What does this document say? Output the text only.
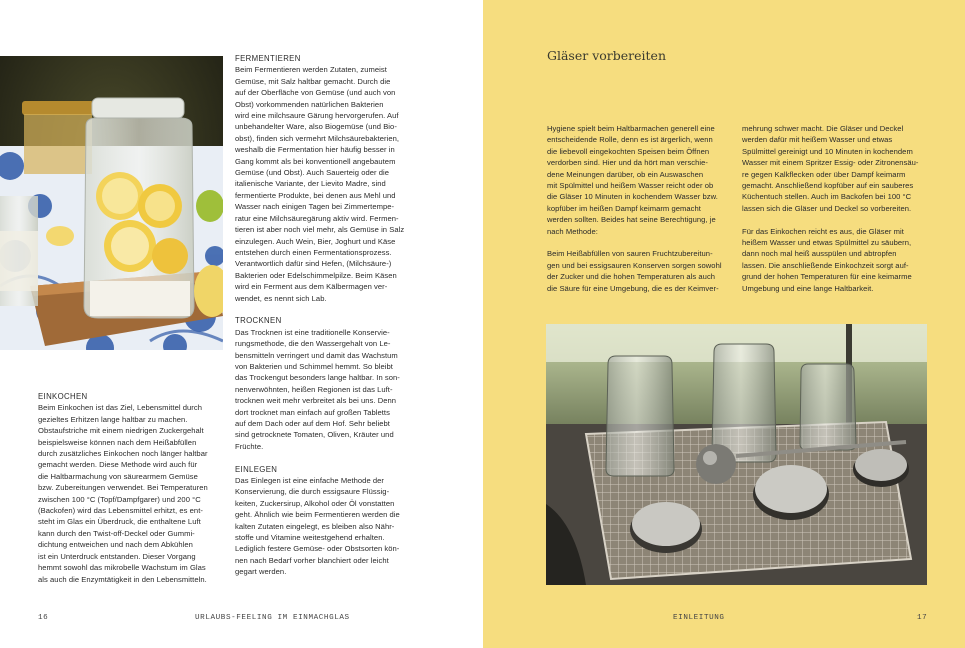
FERMENTIEREN

Beim Fermentieren werden Zutaten, zumeist
Gemüse, mit Salz haltbar gemacht. Durch die
auf der Oberfläche von Gemüse (und auch von
Obst) vorkommenden natürlichen Bakterien
wird eine milchsaure Gärung hervorgerufen. Auf
unbehandelter Ware, also Biogemüse (und Bio-
obst), finden sich vermehrt Milchsäurebakterien,
weshalb die Fermentation hier häufig besser in
Gang kommt als bei konventionell angebautem
Gemüse (und Obst). Auch Sauerteig oder die
italienische Variante, der Lievito Madre, sind
fermentierte Produkte, bei denen aus Mehl und
Wasser nach einigen Tagen bei Zimmertempe-
ratur eine Milchsäuregärung aktiv wird. Fermen-
tieren ist aber noch viel mehr, als Gemüse in Salz
einzulegen. Auch Wein, Bier, Joghurt und Käse
entstehen durch einen Fermentationsprozess.
Verantwortlich dafür sind Hefen, (Milchsäure-)
Bakterien oder Edelschimmelpilze. Beim Käsen
wird ein Ferment aus dem Kälbermagen ver-
wendet, es nennt sich Lab.

TROCKNEN

Das Trocknen ist eine traditionelle Konservie-
rungsmethode, die den Wassergehalt von Le-
bensmitteln verringert und damit das Wachstum
von Bakterien und Schimmel hemmt. So bleibt
das Trockengut besonders lange haltbar. In son-
nenverwöhnten, heißen Regionen ist das Luft-
trocknen weit mehr verbreitet als bei uns. Denn
dort trocknet man einfach auf großen Tabletts
auf dem Dach oder auf dem Hof. Sehr beliebt
sind getrocknete Tomaten, Oliven, Kräuter und
Früchte.

EINLEGEN

Das Einlegen ist eine einfache Methode der
Konservierung, die durch essigsaure Flüssig-
keiten, Zuckersirup, Alkohol oder Öl vonstatten
geht. Ähnlich wie beim Fermentieren werden die
kalten Zutaten eingelegt, es bleiben also Nähr-
stoffe und Vitamine weitestgehend erhalten.
Lediglich festere Gemüse- oder Obstsorten kön-
nen nach Bedarf vorher blanchiert oder leicht
gegart werden.

EINKOCHEN

Beim Einkochen ist das Ziel, Lebensmittel durch
gezieltes Erhitzen lange haltbar zu machen.
Obstaufstriche mit einem niedrigen Zuckergehalt
beispielsweise können nach dem Heißabfüllen
durch zusätzliches Einkochen noch länger haltbar
gemacht werden. Diese Methode wird auch für
die Haltbarmachung von säurearmem Gemüse
bzw. Zubereitungen verwendet. Bei Temperaturen
zwischen 100 °C (Topf/Dampfgarer) und 200 °C
(Backofen) wird das Lebensmittel erhitzt, es ent-
steht im Glas ein Überdruck, die enthaltene Luft
kann durch den Twist-off-Deckel oder Gummi-
dichtung entweichen und nach dem Abkühlen
ist ein Unterdruck entstanden. Dieser Vorgang
hemmt sowohl das mikrobelle Wachstum im Glas
als auch die Enzymtätigkeit in den Lebensmitteln.

16	URLAUBS-FEELING IM EINMACHGLAS
Gläser vorbereiten

Hygiene spielt beim Haltbarmachen generell eine
entscheidende Rolle, denn es ist ärgerlich, wenn
die liebevoll eingekochten Speisen beim Öffnen
verdorben sind. Hier und da hört man verschie-
dene Meinungen darüber, ob ein Auswaschen
mit Spülmittel und heißem Wasser reicht oder ob
die Gläser 10 Minuten in kochendem Wasser bzw.
kopfüber im heißen Dampf keimarm gemacht
werden sollten. Beides hat seine Berechtigung, je
nach Methode:

Beim Heißabfüllen von sauren Fruchtzubereitun-
gen und bei essigsauren Konserven sorgen sowohl
der Zucker und die hohen Temperaturen als auch
die Säure für eine Umgebung, die es der Keimver-

mehrung schwer macht. Die Gläser und Deckel
werden dafür mit heißem Wasser und etwas
Spülmittel gereinigt und 10 Minuten in kochendem
Wasser mit einem Spritzer Essig- oder Zitronensäu-
re gegen Kalkflecken oder über Dampf keimarm
gemacht. Anschließend kopfüber auf ein sauberes
Küchentuch stellen. Auch im Backofen bei 100 °C
lassen sich die Gläser und Deckel so vorbereiten.

Für das Einkochen reicht es aus, die Gläser mit
heißem Wasser und etwas Spülmittel zu säubern,
dann noch mal heiß ausspülen und abtropfen
lassen. Die anschließende Einkochzeit sorgt auf-
grund der hohen Temperaturen für eine keimarme
Umgebung und eine lange Haltbarkeit.

EINLEITUNG	17
